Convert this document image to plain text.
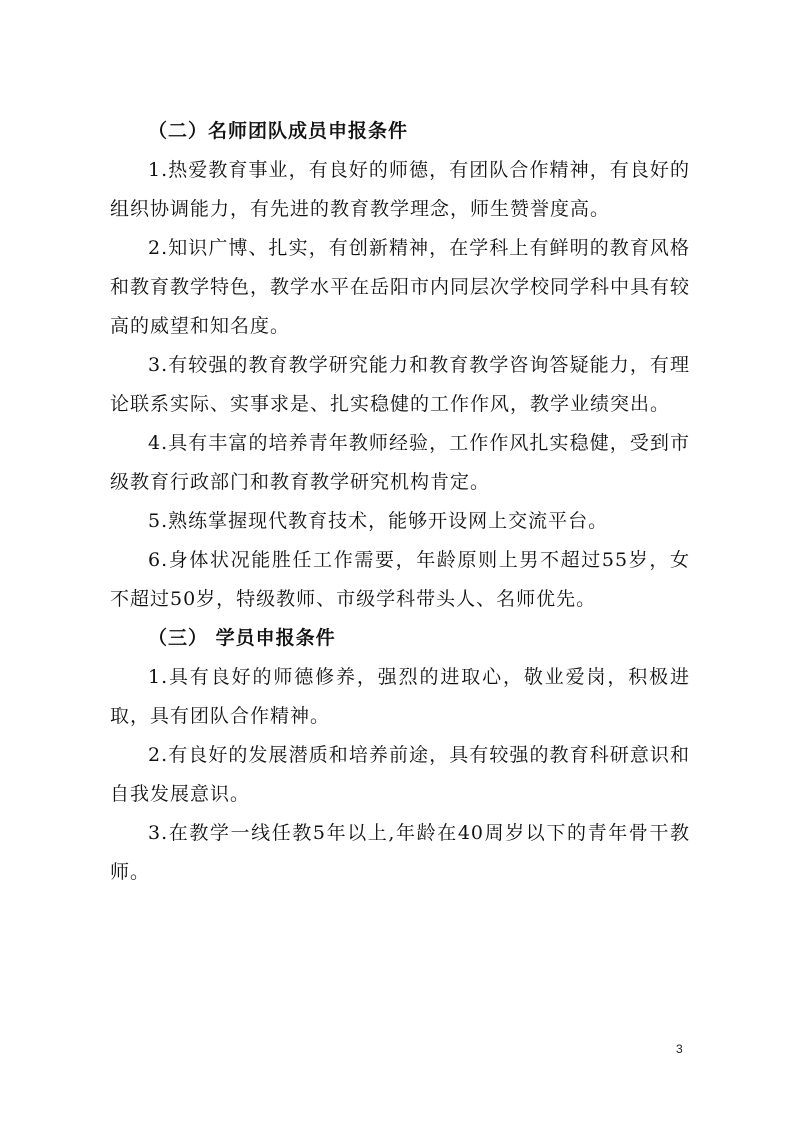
（二）名师团队成员申报条件

1.热爱教育事业，有良好的师德，有团队合作精神，有良好的组织协调能力，有先进的教育教学理念，师生赞誉度高。

2.知识广博、扎实，有创新精神，在学科上有鲜明的教育风格和教育教学特色，教学水平在岳阳市内同层次学校同学科中具有较高的威望和知名度。

3.有较强的教育教学研究能力和教育教学咨询答疑能力，有理论联系实际、实事求是、扎实稳健的工作作风，教学业绩突出。

4.具有丰富的培养青年教师经验，工作作风扎实稳健，受到市级教育行政部门和教育教学研究机构肯定。

5.熟练掌握现代教育技术，能够开设网上交流平台。

6.身体状况能胜任工作需要，年龄原则上男不超过55岁，女不超过50岁，特级教师、市级学科带头人、名师优先。

（三） 学员申报条件

1.具有良好的师德修养，强烈的进取心，敬业爱岗，积极进取，具有团队合作精神。

2.有良好的发展潜质和培养前途，具有较强的教育科研意识和自我发展意识。

3.在教学一线任教5年以上,年龄在40周岁以下的青年骨干教师。

3
